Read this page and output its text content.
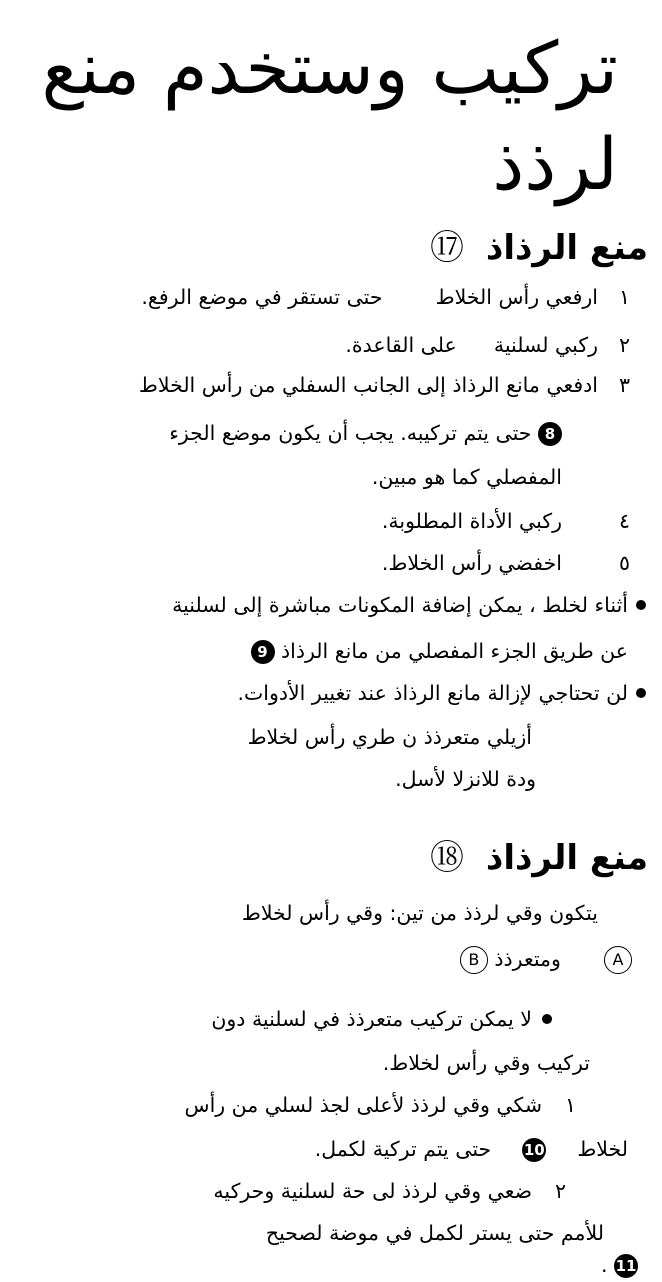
تركيب وستخدم منع
لرذذ
منع الرذاذ ⑰
١
ارفعي رأس الخلاط  حتى تستقر في موضع الرفع.
٢
ركبي لسلنية  على القاعدة.
٣
ادفعي مانع الرذاذ إلى الجانب السفلي من رأس الخلاط
8 حتى يتم تركيبه. يجب أن يكون موضع الجزء
المفصلي كما هو مبين.
٤
ركبي الأداة المطلوبة.
٥
اخفضي رأس الخلاط.
أثناء لخلط ، يمكن إضافة المكونات مباشرة إلى لسلنية
عن طريق الجزء المفصلي من مانع الرذاذ 9
لن تحتاجي لإزالة مانع الرذاذ عند تغيير الأدوات.
أزيلي متعرذذ ن طري رأس لخلاط
ودة للانزلا لأسل.
منع الرذاذ ⑱
يتكون وقي لرذذ من تين: وقي رأس لخلاط
A  ومتعرذذ B
لا يمكن تركيب متعرذذ في لسلنية دون
تركيب وقي رأس لخلاط.
١
شكي وقي لرذذ لأعلى لجذ لسلي من رأس
لخلاط  10  حتى يتم تركية لكمل.
٢
ضعي وقي لرذذ لى حة لسلنية وحركيه
للأمم حتى يستر لكمل في موضة لصحيح
11 .
